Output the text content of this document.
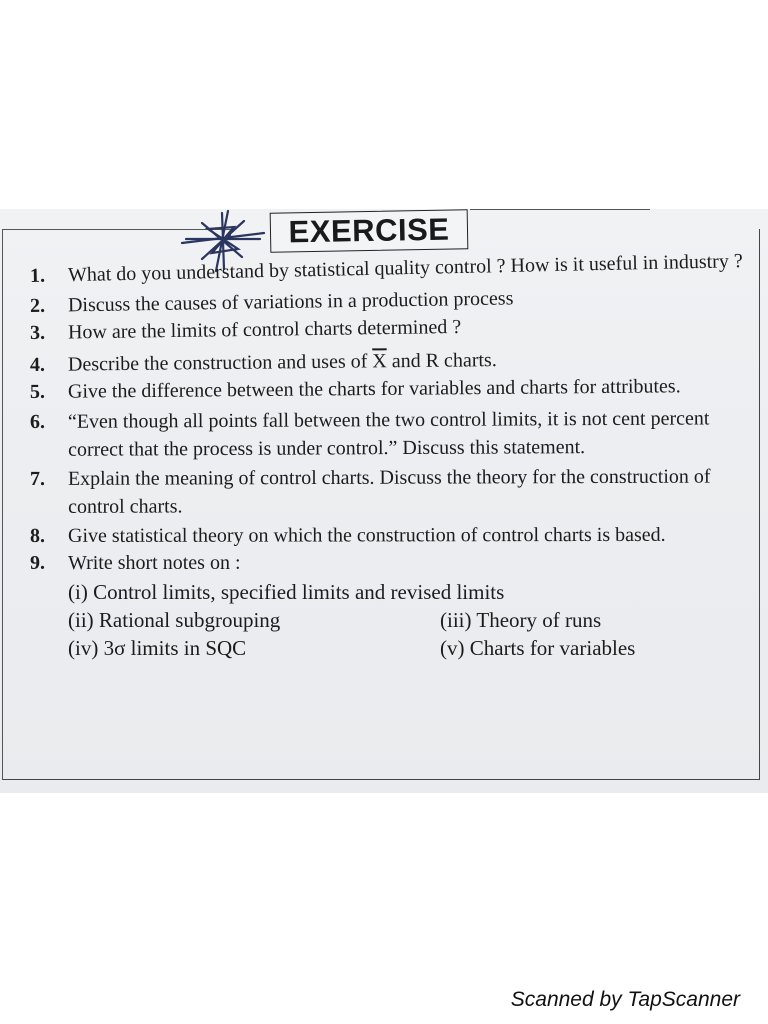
EXERCISE
1.	What do you understand by statistical quality control ? How is it useful in industry ?
2.	Discuss the causes of variations in a production process
3.	How are the limits of control charts determined ?
4.	Describe the construction and uses of $\overline{X}$ and R charts.
5.	Give the difference between the charts for variables and charts for attributes.
6.	“Even though all points fall between the two control limits, it is not cent percent correct that the process is under control.” Discuss this statement.
7.	Explain the meaning of control charts. Discuss the theory for the construction of control charts.
8.	Give statistical theory on which the construction of control charts is based.
9.	Write short notes on :
(i) Control limits, specified limits and revised limits
(ii) Rational subgrouping	(iii) Theory of runs
(iv) 3σ limits in SQC	(v) Charts for variables
Scanned by TapScanner
